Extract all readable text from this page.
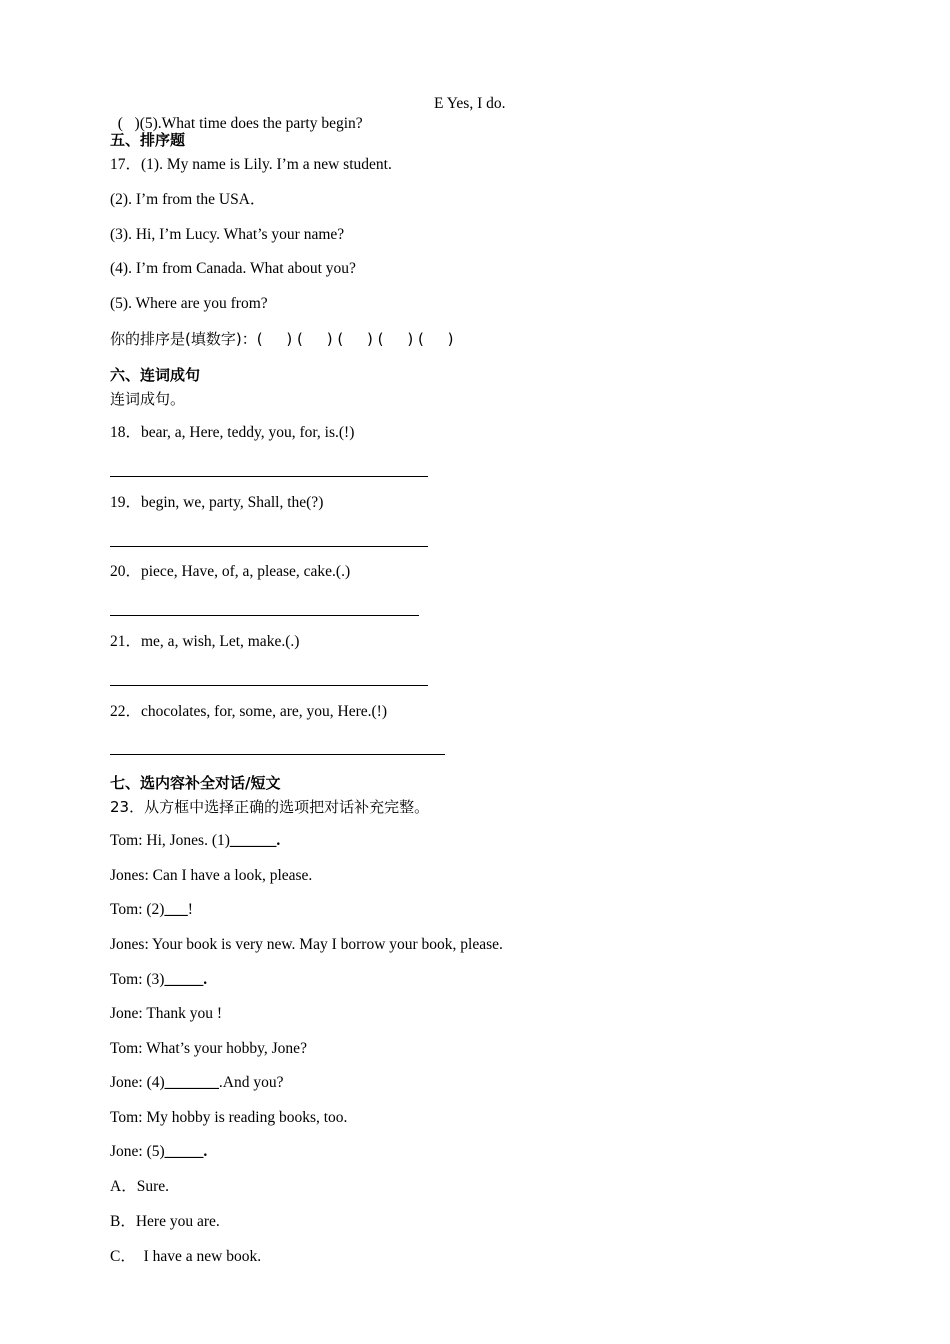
(   )(5).What time does the party begin?

E Yes, I do.
五、排序题
17．(1). My name is Lily. I’m a new student.
(2). I’m from the USA．
(3). Hi, I’m Lucy. What’s your name?
(4). I’m from Canada. What about you?
(5). Where are you from?
你的排序是(填数字)：(     ) (     ) (     ) (     ) (     )
六、连词成句
连词成句。
18．bear, a, Here, teddy, you, for, is.(!)
19．begin, we, party, Shall, the(?)
20．piece, Have, of, a, please, cake.(.)
21．me, a, wish, Let, make.(.)
22．chocolates, for, some, are, you, Here.(!)
七、选内容补全对话/短文
23．从方框中选择正确的选项把对话补充完整。
Tom: Hi, Jones. (1)______.
Jones: Can I have a look, please.
Tom: (2)___!
Jones: Your book is very new. May I borrow your book, please.
Tom: (3)_____.
Jone: Thank you !
Tom: What’s your hobby, Jone?
Jone: (4)_______.And you?
Tom: My hobby is reading books, too.
Jone: (5)_____.
A．Sure.
B．Here you are.
C．  I have a new book.
